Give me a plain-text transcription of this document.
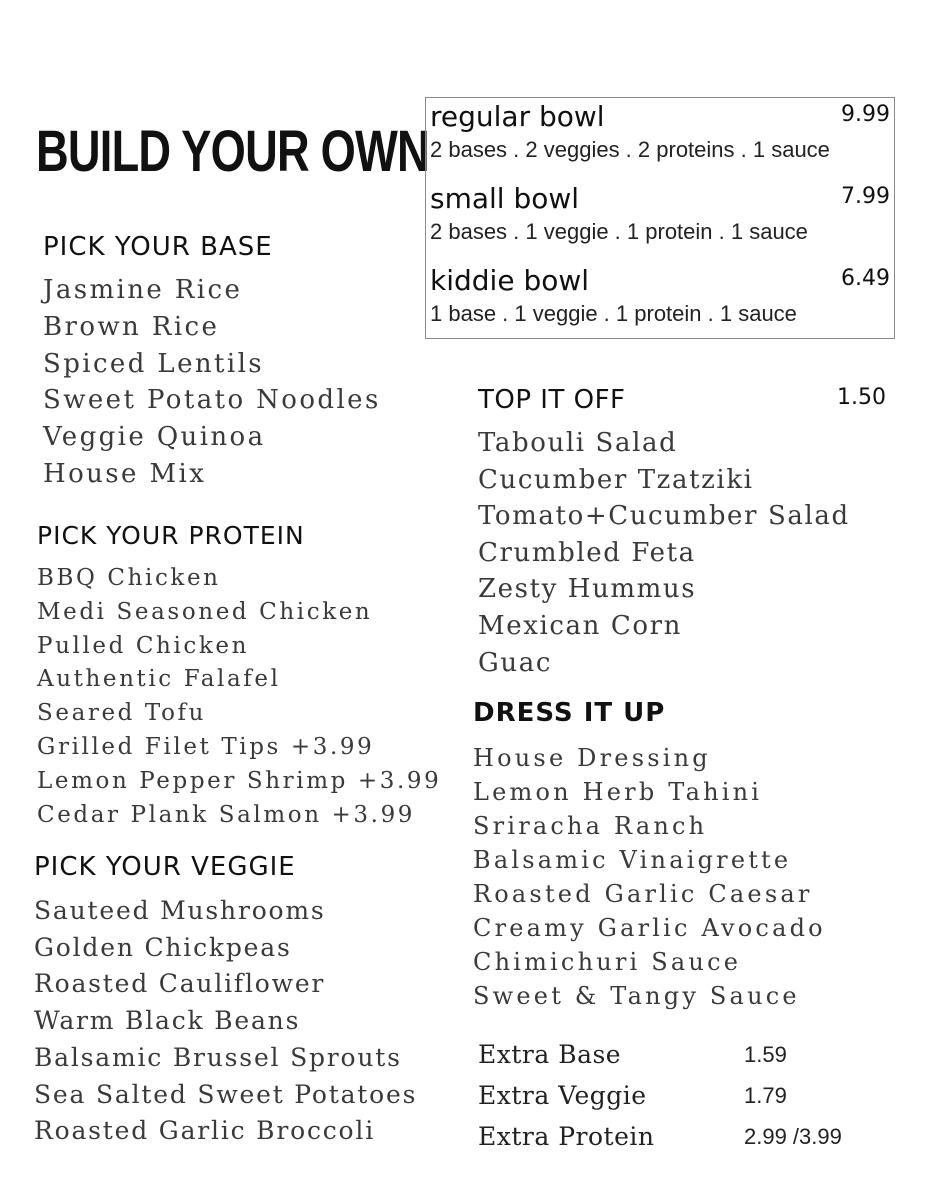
BUILD YOUR OWN
regular bowl	9.99
2 bases . 2 veggies . 2 proteins . 1 sauce
small bowl	7.99
2 bases . 1 veggie . 1 protein . 1 sauce
kiddie bowl	6.49
1 base . 1 veggie . 1 protein . 1 sauce
PICK YOUR BASE
Jasmine Rice
Brown Rice
Spiced Lentils
Sweet Potato Noodles
Veggie Quinoa
House Mix
PICK YOUR PROTEIN
BBQ Chicken
Medi Seasoned Chicken
Pulled Chicken
Authentic Falafel
Seared Tofu
Grilled Filet Tips +3.99
Lemon Pepper Shrimp +3.99
Cedar Plank Salmon +3.99
PICK YOUR VEGGIE
Sauteed Mushrooms
Golden Chickpeas
Roasted Cauliflower
Warm Black Beans
Balsamic Brussel Sprouts
Sea Salted Sweet Potatoes
Roasted Garlic Broccoli
TOP IT OFF	1.50
Tabouli Salad
Cucumber Tzatziki
Tomato+Cucumber Salad
Crumbled Feta
Zesty Hummus
Mexican Corn
Guac
DRESS IT UP
House Dressing
Lemon Herb Tahini
Sriracha Ranch
Balsamic Vinaigrette
Roasted Garlic Caesar
Creamy Garlic Avocado
Chimichuri Sauce
Sweet & Tangy Sauce
Extra Base	1.59
Extra Veggie	1.79
Extra Protein	2.99 /3.99
